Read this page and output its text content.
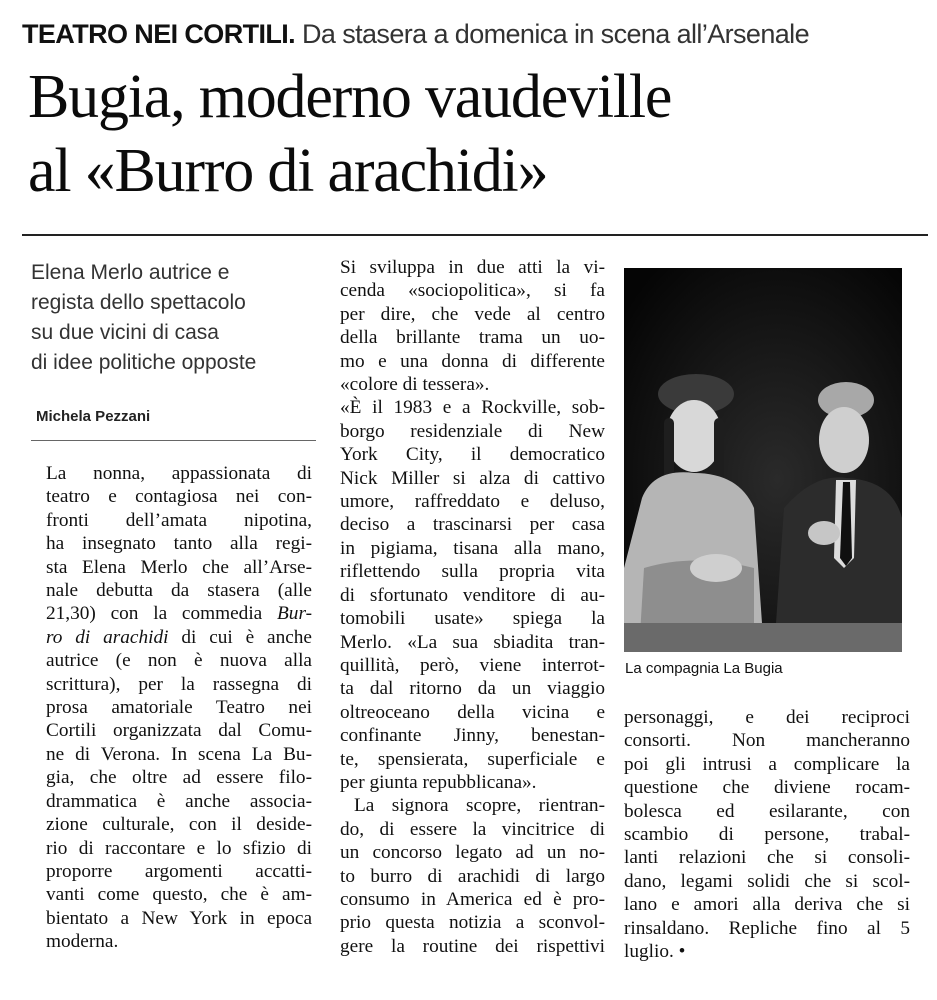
TEATRO NEI CORTILI. Da stasera a domenica in scena all’Arsenale
Bugia, moderno vaudeville
al «Burro di arachidi»
Elena Merlo autrice e
regista dello spettacolo
su due vicini di casa
di idee politiche opposte
Michela Pezzani
La nonna, appassionata di
teatro e contagiosa nei con-
fronti dell’amata nipotina,
ha insegnato tanto alla regi-
sta Elena Merlo che all’Arse-
nale debutta da stasera (alle
21,30) con la commedia Bur-
ro di arachidi di cui è anche
autrice (e non è nuova alla
scrittura), per la rassegna di
prosa amatoriale Teatro nei
Cortili organizzata dal Comu-
ne di Verona. In scena La Bu-
gia, che oltre ad essere filo-
drammatica è anche associa-
zione culturale, con il deside-
rio di raccontare e lo sfizio di
proporre argomenti accatti-
vanti come questo, che è am-
bientato a New York in epoca
moderna.
Si sviluppa in due atti la vi-
cenda «sociopolitica», si fa
per dire, che vede al centro
della brillante trama un uo-
mo e una donna di differente
«colore di tessera».
«È il 1983 e a Rockville, sob-
borgo residenziale di New
York City, il democratico
Nick Miller si alza di cattivo
umore, raffreddato e deluso,
deciso a trascinarsi per casa
in pigiama, tisana alla mano,
riflettendo sulla propria vita
di sfortunato venditore di au-
tomobili usate» spiega la
Merlo. «La sua sbiadita tran-
quillità, però, viene interrot-
ta dal ritorno da un viaggio
oltreoceano della vicina e
confinante Jinny, benestan-
te, spensierata, superficiale e
per giunta repubblicana».
La signora scopre, rientran-
do, di essere la vincitrice di
un concorso legato ad un no-
to burro di arachidi di largo
consumo in America ed è pro-
prio questa notizia a sconvol-
gere la routine dei rispettivi
La compagnia La Bugia
personaggi, e dei reciproci
consorti. Non mancheranno
poi gli intrusi a complicare la
questione che diviene rocam-
bolesca ed esilarante, con
scambio di persone, trabal-
lanti relazioni che si consoli-
dano, legami solidi che si scol-
lano e amori alla deriva che si
rinsaldano. Repliche fino al 5
luglio. •
